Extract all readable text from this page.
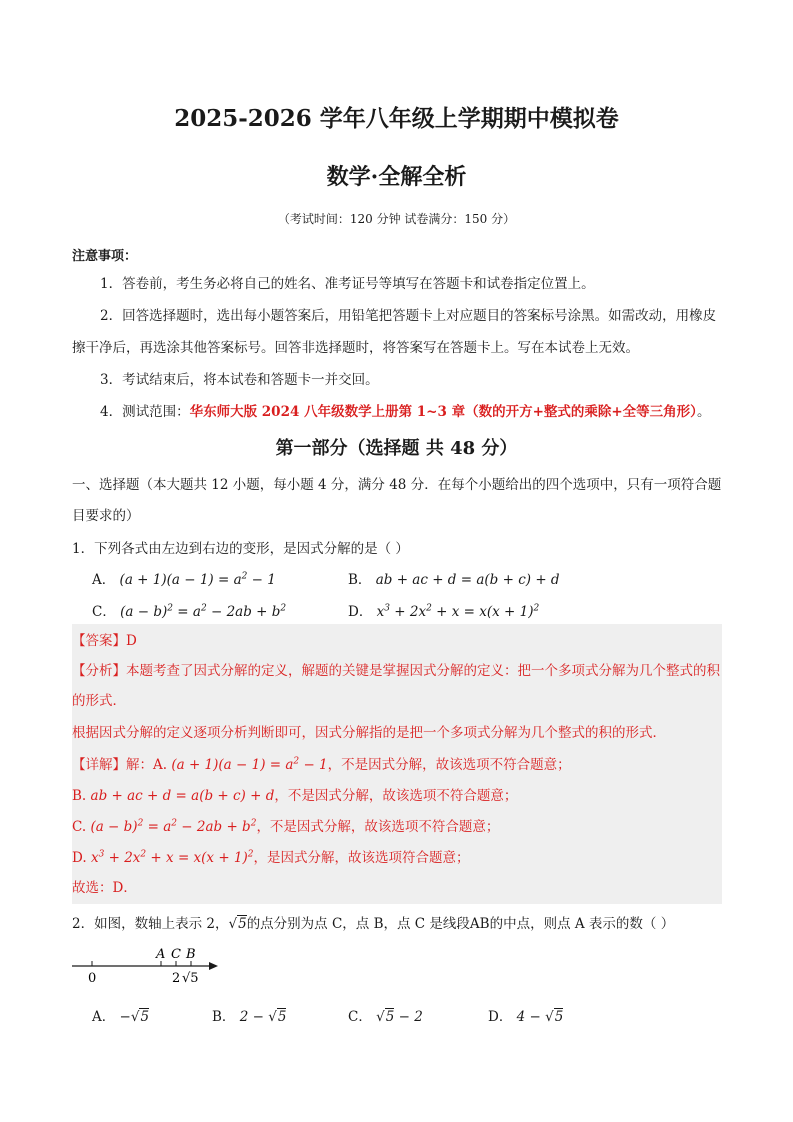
2025-2026 学年八年级上学期期中模拟卷
数学·全解全析
（考试时间：120 分钟 试卷满分：150 分）
注意事项：
1．答卷前，考生务必将自己的姓名、准考证号等填写在答题卡和试卷指定位置上。
2．回答选择题时，选出每小题答案后，用铅笔把答题卡上对应题目的答案标号涂黑。如需改动，用橡皮擦干净后，再选涂其他答案标号。回答非选择题时，将答案写在答题卡上。写在本试卷上无效。
3．考试结束后，将本试卷和答题卡一并交回。
4．测试范围：华东师大版 2024 八年级数学上册第 1~3 章（数的开方+整式的乘除+全等三角形）。
第一部分（选择题 共 48 分）
一、选择题（本大题共 12 小题，每小题 4 分，满分 48 分．在每个小题给出的四个选项中，只有一项符合题目要求的）
1．下列各式由左边到右边的变形，是因式分解的是（ ）
A． $(a + 1)(a - 1) = a^2 - 1$	B． ab + ac + d = a(b + c) + d
C． $(a - b)^2 = a^2 - 2ab + b^2$	D． $x^3 + 2x^2 + x = x(x + 1)^2$
【答案】D
【分析】本题考查了因式分解的定义，解题的关键是掌握因式分解的定义：把一个多项式分解为几个整式的积的形式．
根据因式分解的定义逐项分析判断即可，因式分解指的是把一个多项式分解为几个整式的积的形式．
【详解】解：A. $(a + 1)(a - 1) = a^2 - 1$，不是因式分解，故该选项不符合题意；
B. ab + ac + d = a(b + c) + d，不是因式分解，故该选项不符合题意；
C. $(a - b)^2 = a^2 - 2ab + b^2$，不是因式分解，故该选项不符合题意；
D. $x^3 + 2x^2 + x = x(x + 1)^2$，是因式分解，故该选项符合题意；
故选：D．
2．如图，数轴上表示 2，√5的点分别为点 C，点 B，点 C 是线段AB的中点，则点 A 表示的数（ ）
0	2 √5
A C B
A． −√5	B． 2 − √5	C． √5 − 2	D． 4 − √5
